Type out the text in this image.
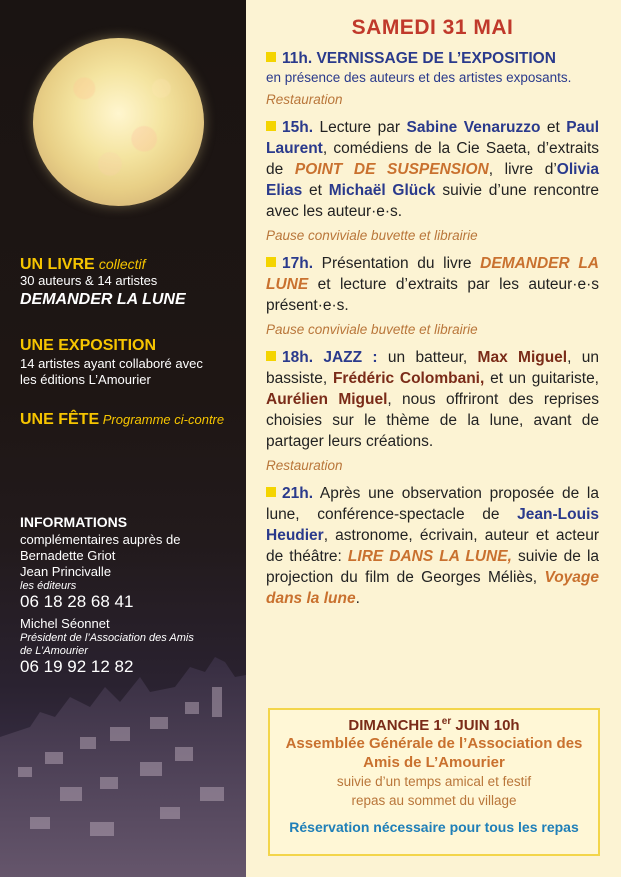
UN LIVRE collectif
30 auteurs & 14 artistes
DEMANDER LA LUNE
UNE EXPOSITION
14 artistes ayant collaboré avec
les éditions L’Amourier
UNE FÊTE Programme ci-contre
INFORMATIONS
complémentaires auprès de
Bernadette Griot
Jean Princivalle
les éditeurs
06 18 28 68 41
Michel Séonnet
Président de l’Association des Amis
de L’Amourier
06 19 92 12 82
SAMEDI 31 MAI
11h. VERNISSAGE DE L’EXPOSITION
en présence des auteurs et des artistes exposants.
Restauration
15h. Lecture par Sabine Venaruzzo et Paul Laurent, comédiens de la Cie Saeta, d’extraits de POINT DE SUSPENSION, livre d’Olivia Elias et Michaël Glück suivie d’une rencontre avec les auteur·e·s.
Pause conviviale buvette et librairie
17h. Présentation du livre DEMANDER LA LUNE et lecture d’extraits par les auteur·e·s présent·e·s.
Pause conviviale buvette et librairie
18h. JAZZ : un batteur, Max Miguel, un bassiste, Frédéric Colombani, et un guitariste, Aurélien Miguel, nous offriront des reprises choisies sur le thème de la lune, avant de partager leurs créations.
Restauration
21h. Après une observation proposée de la lune, conférence-spectacle de Jean-Louis Heudier, astronome, écrivain, auteur et acteur de théâtre: LIRE DANS LA LUNE, suivie de la projection du film de Georges Méliès, Voyage dans la lune.
DIMANCHE 1er JUIN 10h
Assemblée Générale de l’Association des
Amis de L’Amourier
suivie d’un temps amical et festif
repas au sommet du village
Réservation nécessaire pour tous les repas
